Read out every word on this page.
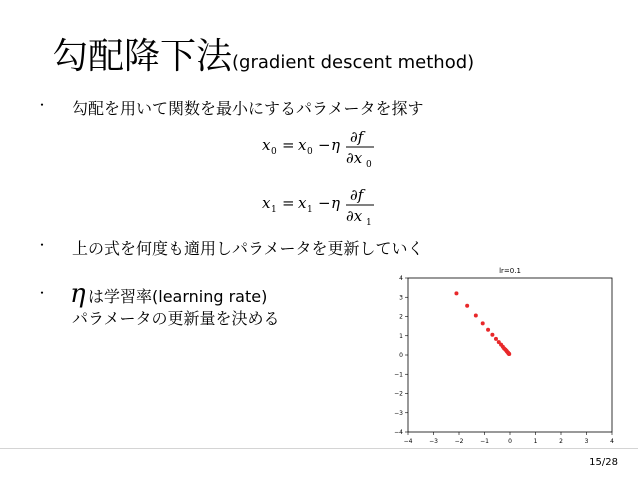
勾配降下法(gradient descent method)
・ 勾配を用いて関数を最小にするパラメータを探す
x 0 = x 0 − η ∂f
∂x 0
x 1 = x 1 − η ∂f
∂x 1
・ 上の式を何度も適用しパラメータを更新していく
・ η は学習率(learning rate)
パラメータの更新量を決める
lr=0.1
−4	−3	−2	−1	0	1	2	3	4
−4
−3
−2
−1
0
1
2
3
4
15/28
